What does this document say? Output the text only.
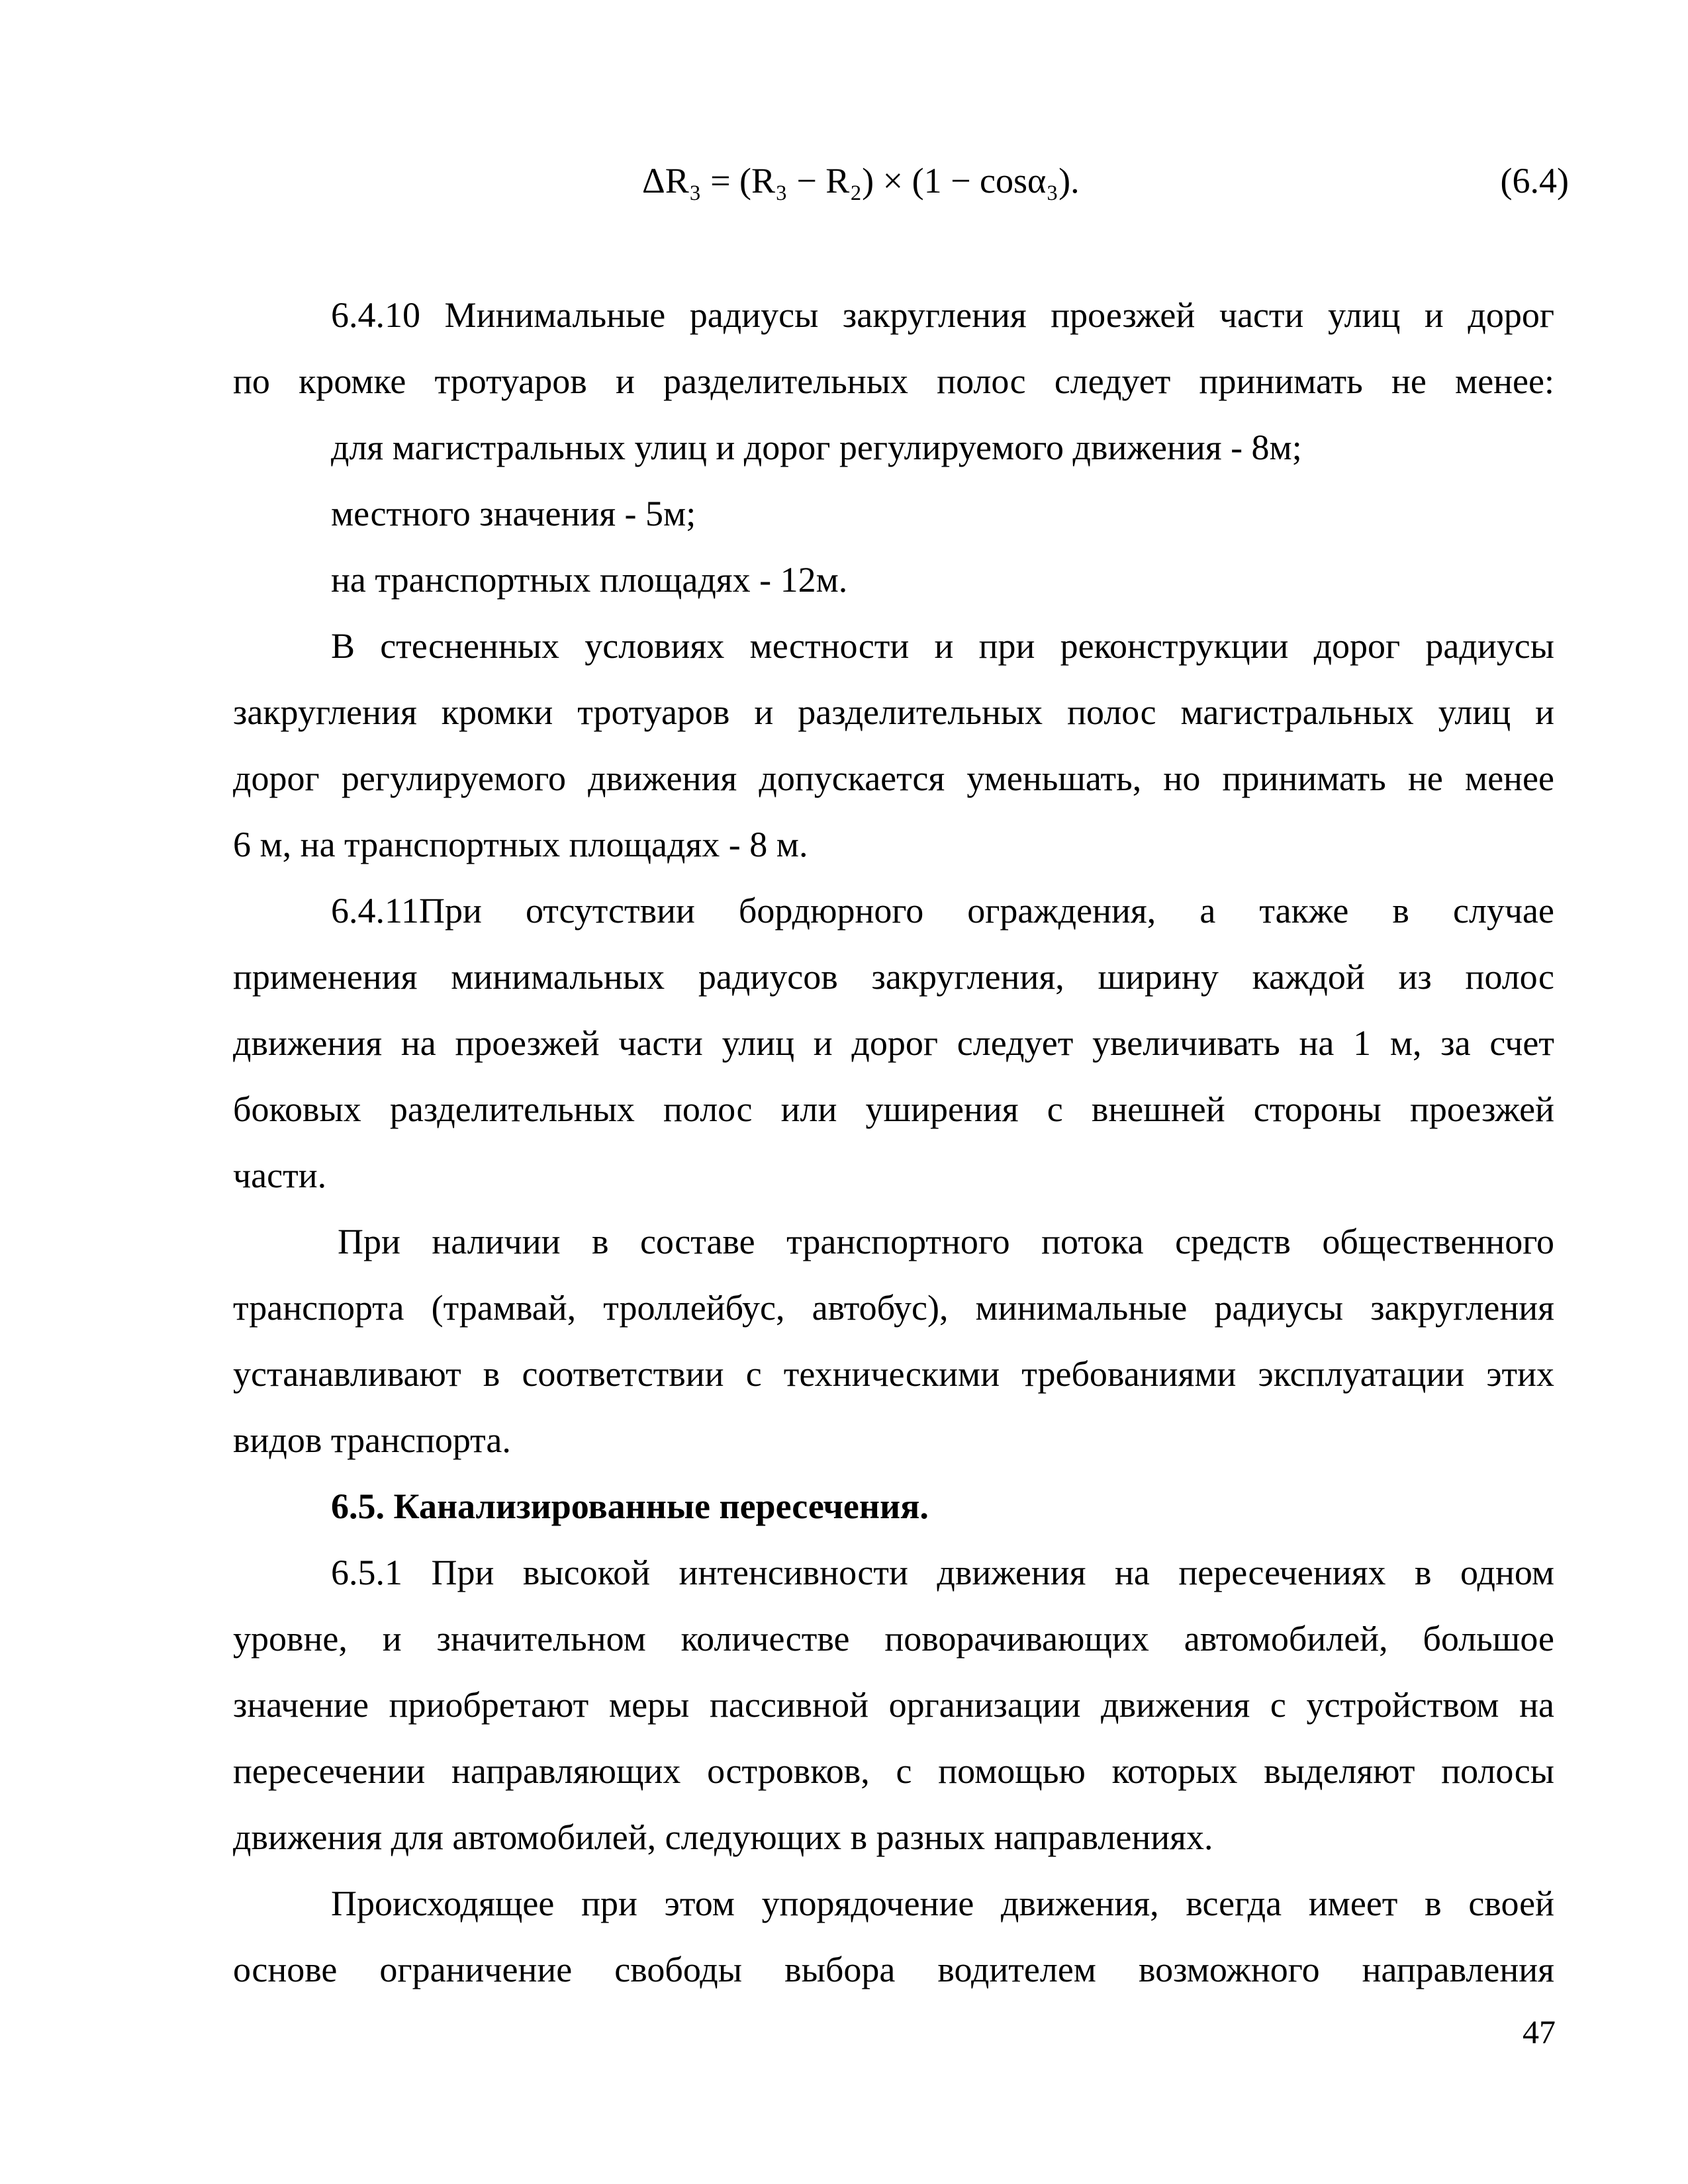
ΔR₃ = (R₃ − R₂) × (1 − cosα₃).	(6.4)
6.4.10 Минимальные радиусы закругления проезжей части улиц и дорог
по кромке тротуаров и разделительных полос следует принимать не менее:
для магистральных улиц и дорог регулируемого движения - 8м;
местного значения - 5м;
на транспортных площадях - 12м.
В стесненных условиях местности и при реконструкции дорог радиусы
закругления кромки тротуаров и разделительных полос магистральных улиц и
дорог регулируемого движения допускается уменьшать, но принимать не менее
6 м, на транспортных площадях - 8 м.
6.4.11При отсутствии бордюрного ограждения, а также в случае
применения минимальных радиусов закругления, ширину каждой из полос
движения на проезжей части улиц и дорог следует увеличивать на 1 м, за счет
боковых разделительных полос или уширения с внешней стороны проезжей
части.
При наличии в составе транспортного потока средств общественного
транспорта (трамвай, троллейбус, автобус), минимальные радиусы закругления
устанавливают в соответствии с техническими требованиями эксплуатации этих
видов транспорта.
6.5. Канализированные пересечения.
6.5.1 При высокой интенсивности движения на пересечениях в одном
уровне, и значительном количестве поворачивающих автомобилей, большое
значение приобретают меры пассивной организации движения с устройством на
пересечении направляющих островков, с помощью которых выделяют полосы
движения для автомобилей, следующих в разных направлениях.
Происходящее при этом упорядочение движения, всегда имеет в своей
основе ограничение свободы выбора водителем возможного направления
47
